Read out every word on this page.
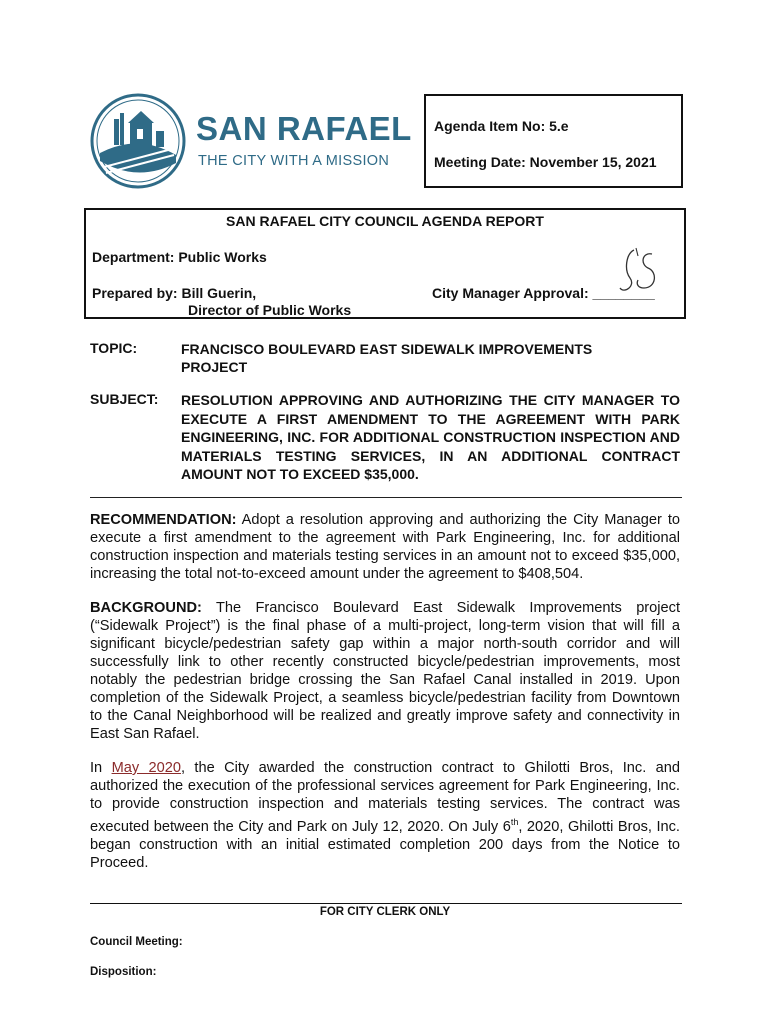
SAN RAFAEL
THE CITY WITH A MISSION
Agenda Item No: 5.e
Meeting Date: November 15, 2021
SAN RAFAEL CITY COUNCIL AGENDA REPORT
Department: Public Works
Prepared by: Bill Guerin,
Director of Public Works
City Manager Approval: ________
TOPIC:	FRANCISCO BOULEVARD EAST SIDEWALK IMPROVEMENTS
PROJECT
SUBJECT: RESOLUTION APPROVING AND AUTHORIZING THE CITY MANAGER TO EXECUTE A FIRST AMENDMENT TO THE AGREEMENT WITH PARK ENGINEERING, INC. FOR ADDITIONAL CONSTRUCTION INSPECTION AND MATERIALS TESTING SERVICES, IN AN ADDITIONAL CONTRACT AMOUNT NOT TO EXCEED $35,000.
RECOMMENDATION: Adopt a resolution approving and authorizing the City Manager to execute a first amendment to the agreement with Park Engineering, Inc. for additional construction inspection and materials testing services in an amount not to exceed $35,000, increasing the total not-to-exceed amount under the agreement to $408,504.
BACKGROUND: The Francisco Boulevard East Sidewalk Improvements project (“Sidewalk Project”) is the final phase of a multi-project, long-term vision that will fill a significant bicycle/pedestrian safety gap within a major north-south corridor and will successfully link to other recently constructed bicycle/pedestrian improvements, most notably the pedestrian bridge crossing the San Rafael Canal installed in 2019. Upon completion of the Sidewalk Project, a seamless bicycle/pedestrian facility from Downtown to the Canal Neighborhood will be realized and greatly improve safety and connectivity in East San Rafael.
In May 2020, the City awarded the construction contract to Ghilotti Bros, Inc. and authorized the execution of the professional services agreement for Park Engineering, Inc. to provide construction inspection and materials testing services. The contract was executed between the City and Park on July 12, 2020. On July 6th, 2020, Ghilotti Bros, Inc. began construction with an initial estimated completion 200 days from the Notice to Proceed.
FOR CITY CLERK ONLY
Council Meeting:
Disposition:
